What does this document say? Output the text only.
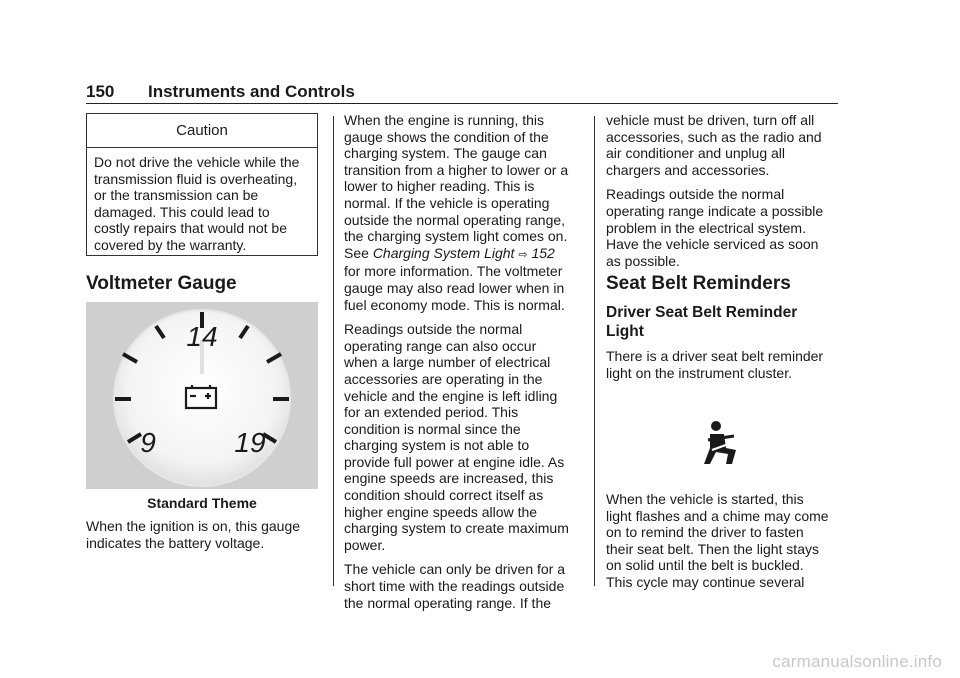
150 Instruments and Controls
Caution

Do not drive the vehicle while the

transmission fluid is overheating,

or the transmission can be

damaged. This could lead to

costly repairs that would not be

covered by the warranty.

Voltmeter Gauge
14
9	19
Standard Theme

When the ignition is on, this gauge

indicates the battery voltage.

When the engine is running, this

gauge shows the condition of the

charging system. The gauge can

transition from a higher to lower or a

lower to higher reading. This is

normal. If the vehicle is operating

outside the normal operating range,

the charging system light comes on.

See Charging System Light ⇨ 152

for more information. The voltmeter

gauge may also read lower when in

fuel economy mode. This is normal.

Readings outside the normal

operating range can also occur

when a large number of electrical

accessories are operating in the

vehicle and the engine is left idling

for an extended period. This

condition is normal since the

charging system is not able to

provide full power at engine idle. As

engine speeds are increased, this

condition should correct itself as

higher engine speeds allow the

charging system to create maximum

power.

The vehicle can only be driven for a

short time with the readings outside

the normal operating range. If the

vehicle must be driven, turn off all

accessories, such as the radio and

air conditioner and unplug all

chargers and accessories.

Readings outside the normal

operating range indicate a possible

problem in the electrical system.

Have the vehicle serviced as soon

as possible.

Seat Belt Reminders
Driver Seat Belt Reminder
Light

There is a driver seat belt reminder

light on the instrument cluster.

When the vehicle is started, this

light flashes and a chime may come

on to remind the driver to fasten

their seat belt. Then the light stays

on solid until the belt is buckled.

This cycle may continue several

carmanualsonline.info
